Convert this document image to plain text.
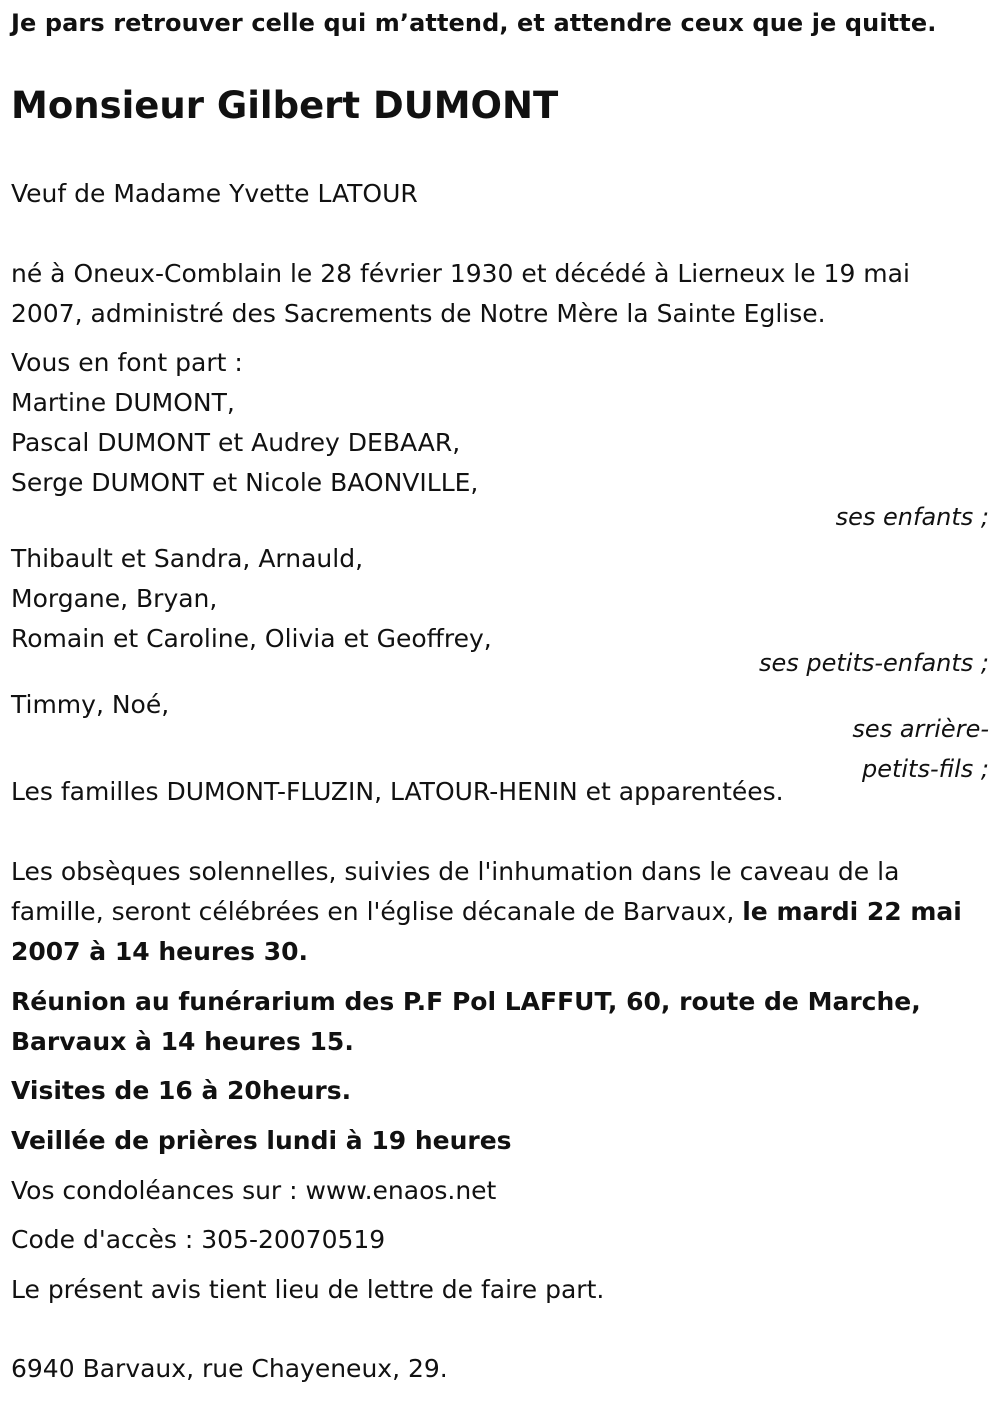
Je pars retrouver celle qui m’attend, et attendre ceux que je quitte.
Monsieur Gilbert DUMONT
Veuf de Madame Yvette LATOUR
né à Oneux-Comblain le 28 février 1930 et décédé à Lierneux le 19 mai 2007, administré des Sacrements de Notre Mère la Sainte Eglise.
Vous en font part :
Martine DUMONT,
Pascal DUMONT et Audrey DEBAAR,
Serge DUMONT et Nicole BAONVILLE,
ses enfants ;
Thibault et Sandra, Arnauld,
Morgane, Bryan,
Romain et Caroline, Olivia et Geoffrey,
ses petits-enfants ;
Timmy, Noé,
ses arrière-
petits-fils ;
Les familles DUMONT-FLUZIN, LATOUR-HENIN et apparentées.
Les obsèques solennelles, suivies de l'inhumation dans le caveau de la famille, seront célébrées en l'église décanale de Barvaux, le mardi 22 mai 2007 à 14 heures 30.
Réunion au funérarium des P.F Pol LAFFUT, 60, route de Marche, Barvaux à 14 heures 15.
Visites de 16 à 20heurs.
Veillée de prières lundi à 19 heures
Vos condoléances sur : www.enaos.net
Code d'accès : 305-20070519
Le présent avis tient lieu de lettre de faire part.
6940 Barvaux, rue Chayeneux, 29.
